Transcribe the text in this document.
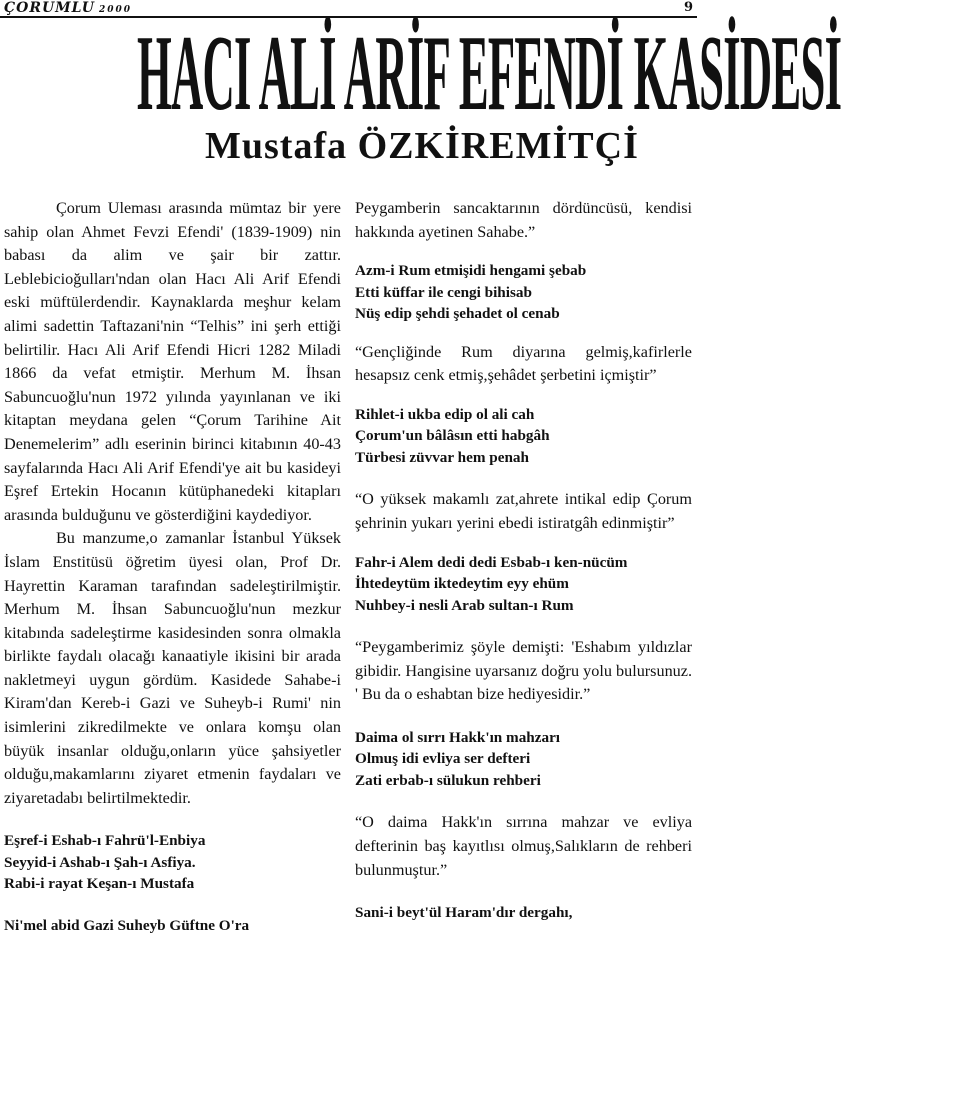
ÇORUMLU 2000	9
HACI ALİ ARİF EFENDİ KASİDESİ
Mustafa ÖZKİREMİTÇİ

Çorum Uleması arasında mümtaz bir yere sahip olan Ahmet Fevzi Efendi' (1839-1909) nin babası da alim ve şair bir zattır. Leblebicioğulları'ndan olan Hacı Ali Arif Efendi eski müftülerdendir. Kaynaklarda meşhur kelam alimi sadettin Taftazani'nin “Telhis” ini şerh ettiği belirtilir. Hacı Ali Arif Efendi Hicri 1282 Miladi 1866 da vefat etmiştir. Merhum M. İhsan Sabuncuoğlu'nun 1972 yılında yayınlanan ve iki kitaptan meydana gelen “Çorum Tarihine Ait Denemelerim” adlı eserinin birinci kitabının 40-43 sayfalarında Hacı Ali Arif Efendi'ye ait bu kasideyi Eşref Ertekin Hocanın kütüphanedeki kitapları arasında bulduğunu ve gösterdiğini kaydediyor.

Bu manzume,o zamanlar İstanbul Yüksek İslam Enstitüsü öğretim üyesi olan, Prof Dr. Hayrettin Karaman tarafından sadeleştirilmiştir. Merhum M. İhsan Sabuncuoğlu'nun mezkur kitabında sadeleştirme kasidesinden sonra olmakla birlikte faydalı olacağı kanaatiyle ikisini bir arada nakletmeyi uygun gördüm. Kasidede Sahabe-i Kiram'dan Kereb-i Gazi ve Suheyb-i Rumi' nin isimlerini zikredilmekte ve onlara komşu olan büyük insanlar olduğu,onların yüce şahsiyetler olduğu,makamlarını ziyaret etmenin faydaları ve ziyaretadabı belirtilmektedir.

Eşref-i Eshab-ı Fahrü'l-Enbiya
Seyyid-i Ashab-ı Şah-ı Asfiya.
Rabi-i rayat Keşan-ı Mustafa
Ni'mel abid Gazi Suheyb Güftne O'ra

Peygamberin sancaktarının dördüncüsü, kendisi hakkında ayetinen Sahabe.”

Azm-i Rum etmişidi hengami şebab
Etti küffar ile cengi bihisab
Nüş edip şehdi şehadet ol cenab

“Gençliğinde Rum diyarına gelmiş,kafirlerle hesapsız cenk etmiş,şehâdet şerbetini içmiştir”

Rihlet-i ukba edip ol ali cah
Çorum'un bâlâsın etti habgâh
Türbesi züvvar hem penah

“O yüksek makamlı zat,ahrete intikal edip Çorum şehrinin yukarı yerini ebedi istiratgâh edinmiştir”

Fahr-i Alem dedi dedi Esbab-ı ken-nücüm
İhtedeytüm iktedeytim eyy ehüm
Nuhbey-i nesli Arab sultan-ı Rum

“Peygamberimiz şöyle demişti: 'Eshabım yıldızlar gibidir. Hangisine uyarsanız doğru yolu bulursunuz. ' Bu da o eshabtan bize hediyesidir.”

Daima ol sırrı Hakk'ın mahzarı
Olmuş idi evliya ser defteri
Zati erbab-ı sülukun rehberi

“O daima Hakk'ın sırrına mahzar ve evliya defterinin baş kayıtlısı olmuş,Salıkların de rehberi bulunmuştur.”

Sani-i beyt'ül Haram'dır dergahı,
